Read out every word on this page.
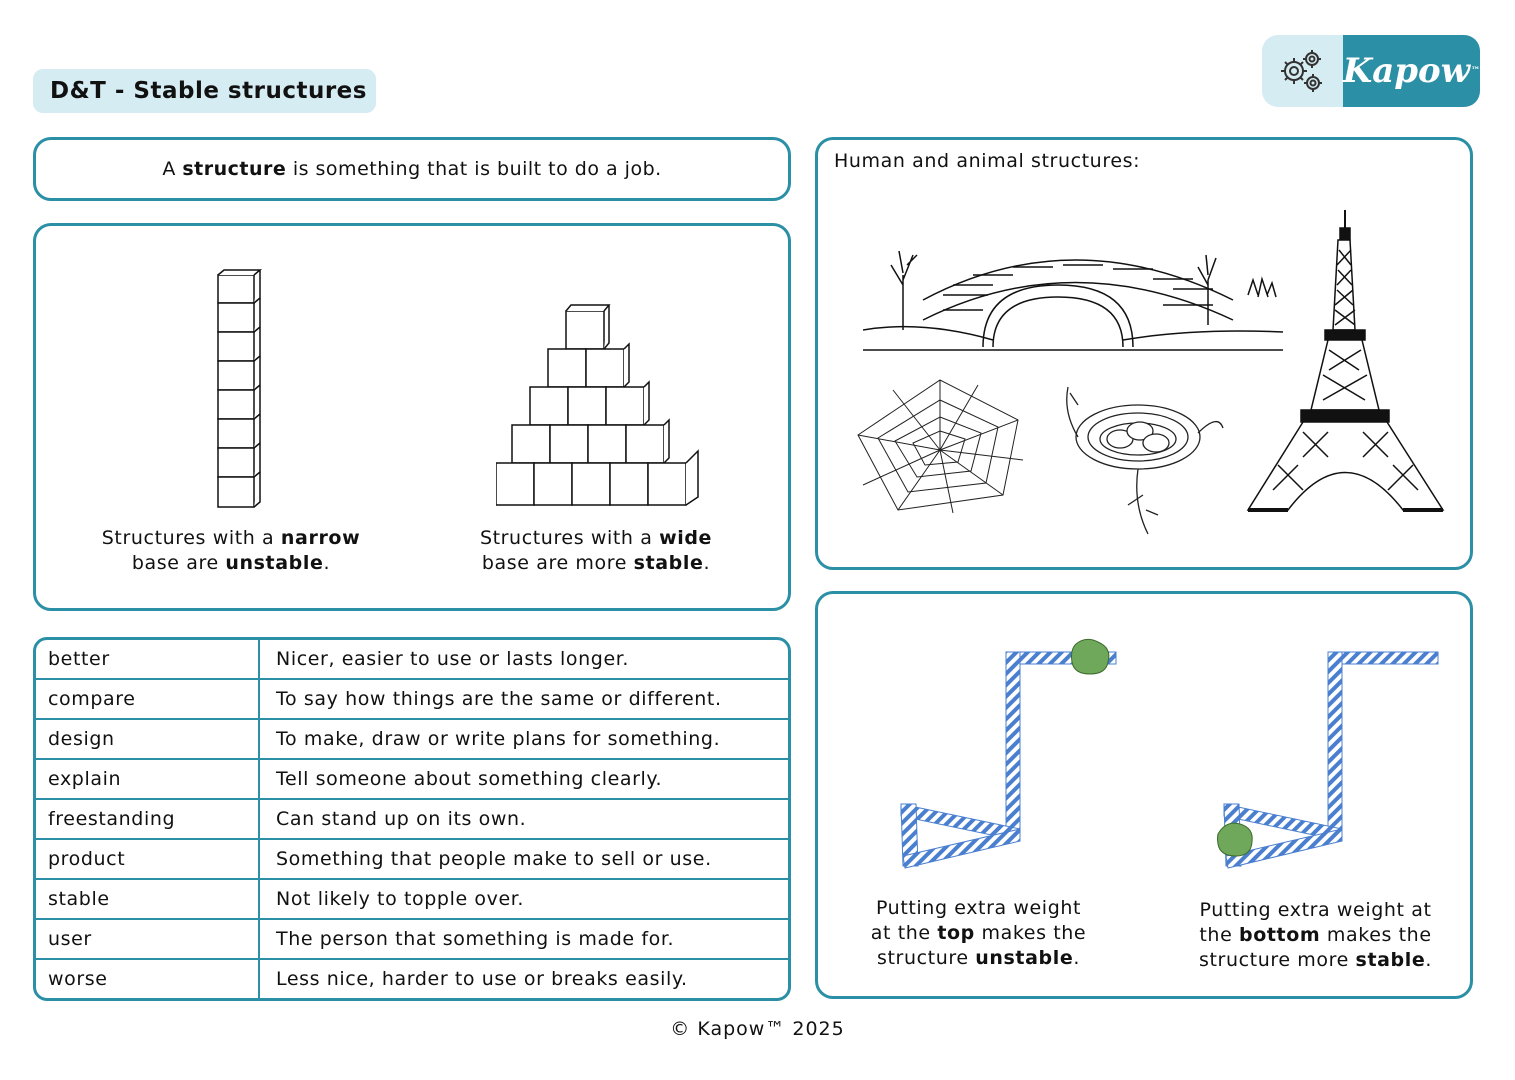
D&T - Stable structures	Kapow ™
A structure is something that is built to do a job.
Structures with a narrow
base are unstable.
Structures with a wide
base are more stable.
Human and animal structures:
better	Nicer, easier to use or lasts longer.
compare	To say how things are the same or different.
design	To make, draw or write plans for something.
explain	Tell someone about something clearly.
freestanding	Can stand up on its own.
product	Something that people make to sell or use.
stable	Not likely to topple over.
user	The person that something is made for.
worse	Less nice, harder to use or breaks easily.
Putting extra weight
at the top makes the
structure unstable.
Putting extra weight at
the bottom makes the
structure more stable.
© Kapow™ 2025
